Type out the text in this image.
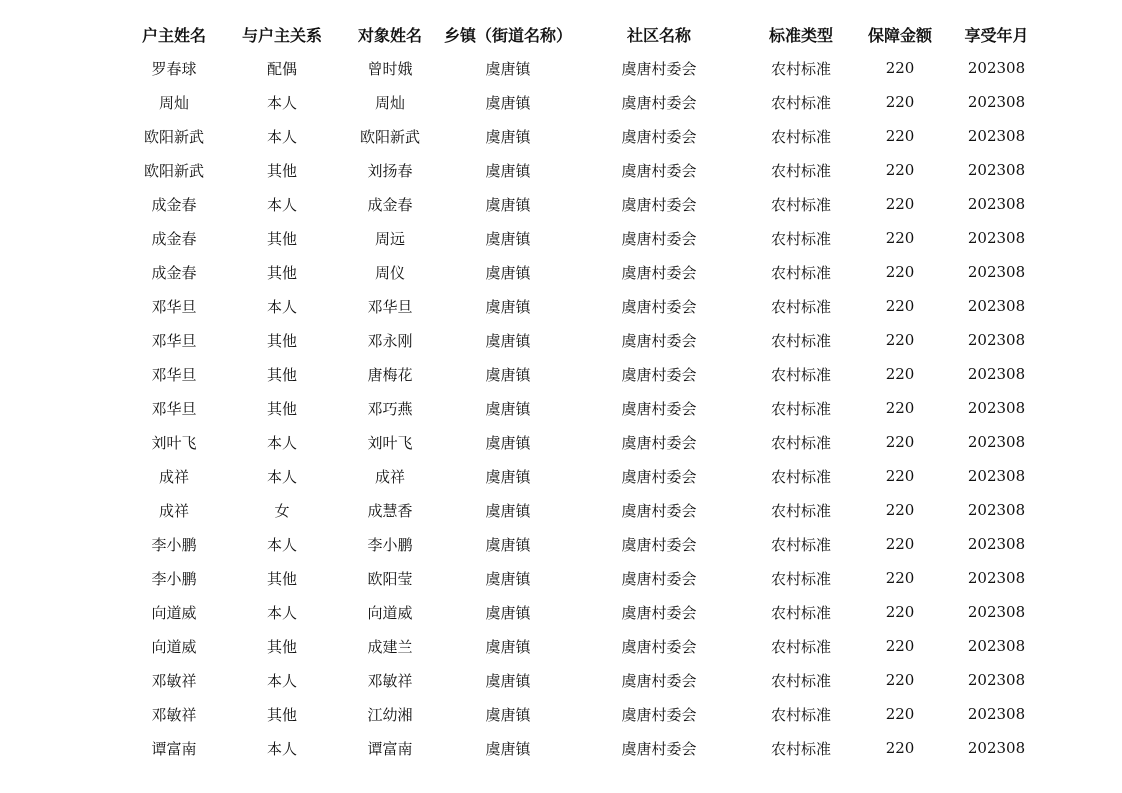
户主姓名	与户主关系	对象姓名	乡镇（街道名称）	社区名称	标准类型	保障金额	享受年月
罗春球	配偶	曾时娥	虞唐镇	虞唐村委会	农村标准	220	202308
周灿	本人	周灿	虞唐镇	虞唐村委会	农村标准	220	202308
欧阳新武	本人	欧阳新武	虞唐镇	虞唐村委会	农村标准	220	202308
欧阳新武	其他	刘扬春	虞唐镇	虞唐村委会	农村标准	220	202308
成金春	本人	成金春	虞唐镇	虞唐村委会	农村标准	220	202308
成金春	其他	周远	虞唐镇	虞唐村委会	农村标准	220	202308
成金春	其他	周仪	虞唐镇	虞唐村委会	农村标准	220	202308
邓华旦	本人	邓华旦	虞唐镇	虞唐村委会	农村标准	220	202308
邓华旦	其他	邓永刚	虞唐镇	虞唐村委会	农村标准	220	202308
邓华旦	其他	唐梅花	虞唐镇	虞唐村委会	农村标准	220	202308
邓华旦	其他	邓巧燕	虞唐镇	虞唐村委会	农村标准	220	202308
刘叶飞	本人	刘叶飞	虞唐镇	虞唐村委会	农村标准	220	202308
成祥	本人	成祥	虞唐镇	虞唐村委会	农村标准	220	202308
成祥	女	成慧香	虞唐镇	虞唐村委会	农村标准	220	202308
李小鹏	本人	李小鹏	虞唐镇	虞唐村委会	农村标准	220	202308
李小鹏	其他	欧阳莹	虞唐镇	虞唐村委会	农村标准	220	202308
向道威	本人	向道威	虞唐镇	虞唐村委会	农村标准	220	202308
向道威	其他	成建兰	虞唐镇	虞唐村委会	农村标准	220	202308
邓敏祥	本人	邓敏祥	虞唐镇	虞唐村委会	农村标准	220	202308
邓敏祥	其他	江幼湘	虞唐镇	虞唐村委会	农村标准	220	202308
谭富南	本人	谭富南	虞唐镇	虞唐村委会	农村标准	220	202308
